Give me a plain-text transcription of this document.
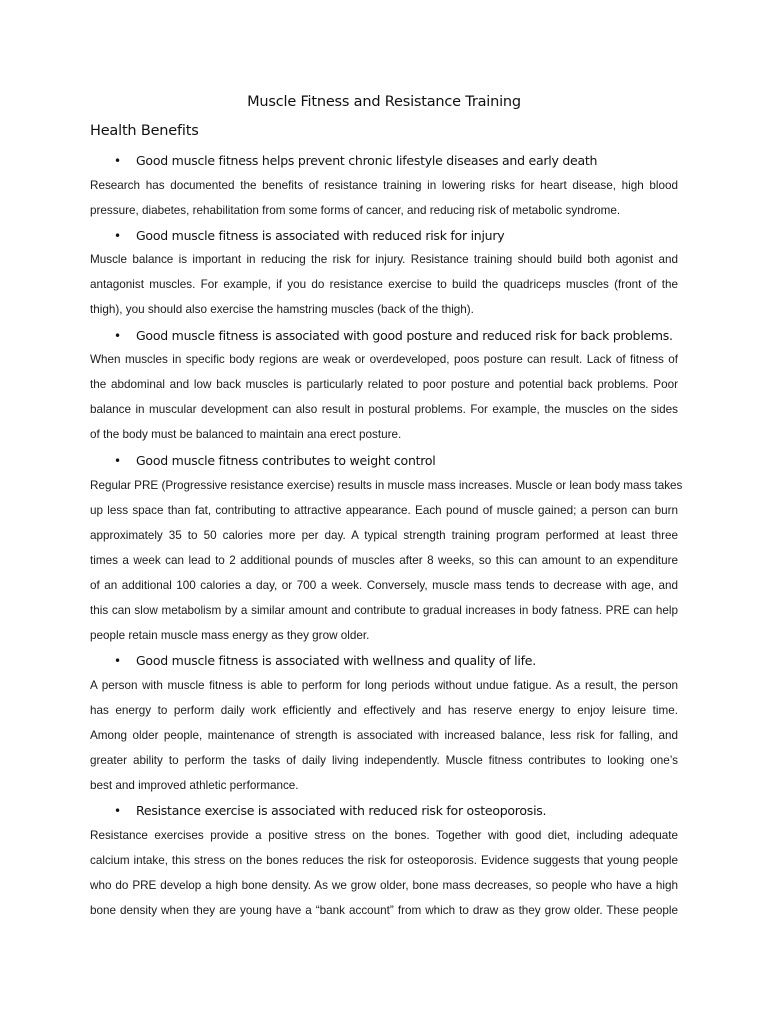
Muscle Fitness and Resistance Training
Health Benefits
• Good muscle fitness helps prevent chronic lifestyle diseases and early death
Research has documented the benefits of resistance training in lowering risks for heart disease, high blood
pressure, diabetes, rehabilitation from some forms of cancer, and reducing risk of metabolic syndrome.
• Good muscle fitness is associated with reduced risk for injury
Muscle balance is important in reducing the risk for injury. Resistance training should build both agonist and
antagonist muscles. For example, if you do resistance exercise to build the quadriceps muscles (front of the
thigh), you should also exercise the hamstring muscles (back of the thigh).
• Good muscle fitness is associated with good posture and reduced risk for back problems.
When muscles in specific body regions are weak or overdeveloped, poos posture can result. Lack of fitness of
the abdominal and low back muscles is particularly related to poor posture and potential back problems. Poor
balance in muscular development can also result in postural problems. For example, the muscles on the sides
of the body must be balanced to maintain ana erect posture.
• Good muscle fitness contributes to weight control
Regular PRE (Progressive resistance exercise) results in muscle mass increases. Muscle or lean body mass takes
up less space than fat, contributing to attractive appearance. Each pound of muscle gained; a person can burn
approximately 35 to 50 calories more per day. A typical strength training program performed at least three
times a week can lead to 2 additional pounds of muscles after 8 weeks, so this can amount to an expenditure
of an additional 100 calories a day, or 700 a week. Conversely, muscle mass tends to decrease with age, and
this can slow metabolism by a similar amount and contribute to gradual increases in body fatness. PRE can help
people retain muscle mass energy as they grow older.
• Good muscle fitness is associated with wellness and quality of life.
A person with muscle fitness is able to perform for long periods without undue fatigue. As a result, the person
has energy to perform daily work efficiently and effectively and has reserve energy to enjoy leisure time.
Among older people, maintenance of strength is associated with increased balance, less risk for falling, and
greater ability to perform the tasks of daily living independently. Muscle fitness contributes to looking one’s
best and improved athletic performance.
• Resistance exercise is associated with reduced risk for osteoporosis.
Resistance exercises provide a positive stress on the bones. Together with good diet, including adequate
calcium intake, this stress on the bones reduces the risk for osteoporosis. Evidence suggests that young people
who do PRE develop a high bone density. As we grow older, bone mass decreases, so people who have a high
bone density when they are young have a “bank account” from which to draw as they grow older. These people
